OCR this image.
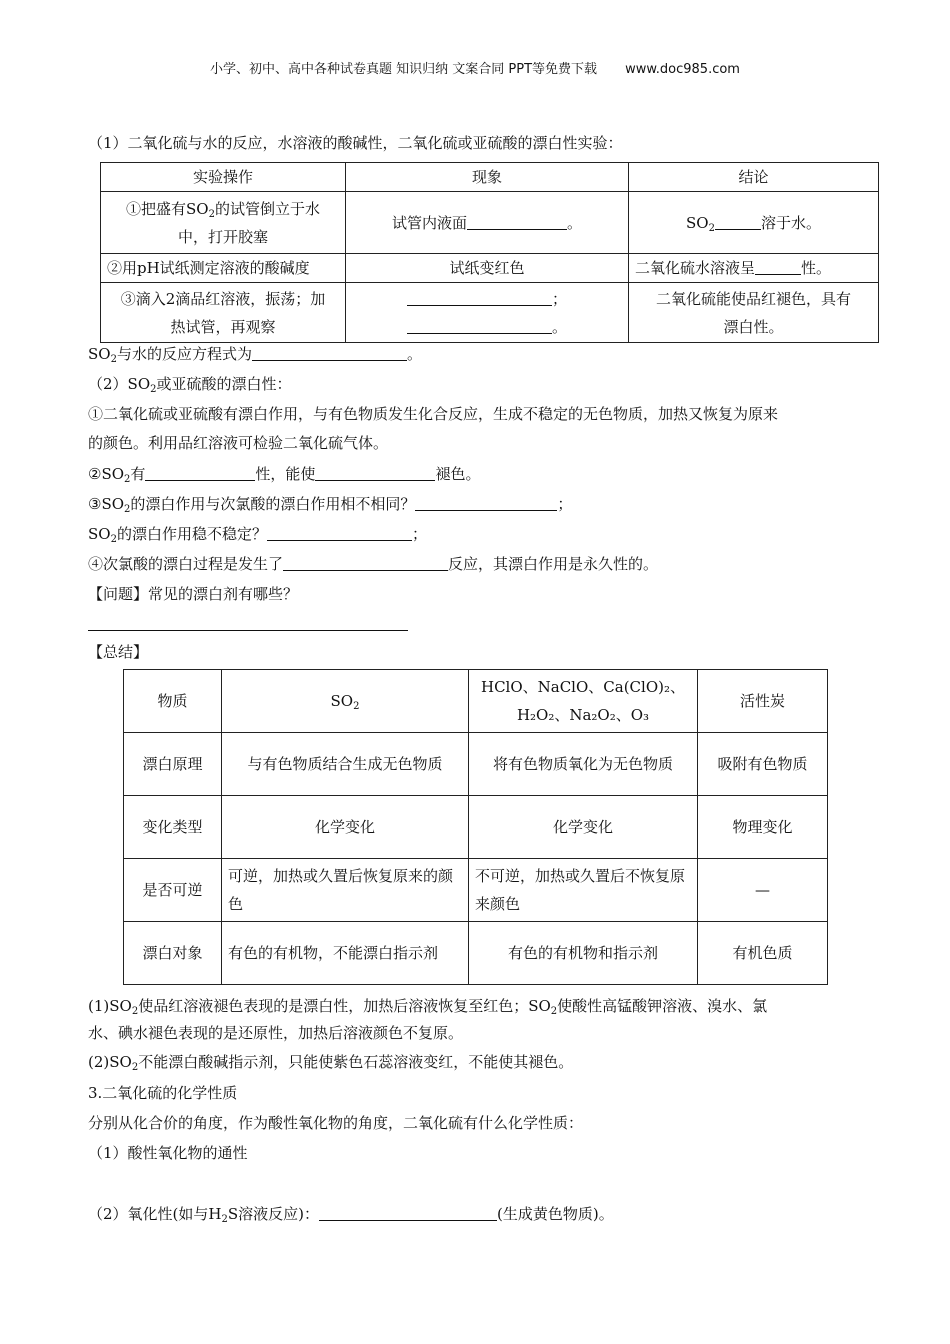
小学、初中、高中各种试卷真题 知识归纳 文案合同 PPT等免费下载 www.doc985.com
（1）二氧化硫与水的反应，水溶液的酸碱性，二氧化硫或亚硫酸的漂白性实验：
实验操作	现象	结论
①把盛有$SO_2$的试管倒立于水
中，打开胶塞	试管内液面 。	$SO_2$ 溶于水。
②用pH试纸测定溶液的酸碱度	试纸变红色	二氧化硫水溶液呈 性。
③滴入2滴品红溶液，振荡；加
热试管，再观察	；
。	二氧化硫能使品红褪色，具有
漂白性。
$SO_2$与水的反应方程式为	。
$(2)SO_2$或亚硫酸的漂白性：
①二氧化硫或亚硫酸有漂白作用，与有色物质发生化合反应，生成不稳定的无色物质，加热又恢复为原来
的颜色。利用品红溶液可检验二氧化硫气体。
$②SO_2$有	性，能使	褪色。
$③SO_2$的漂白作用与次氯酸的漂白作用相不相同？	；
$SO_2$的漂白作用稳不稳定？	；
④次氯酸的漂白过程是发生了	反应，其漂白作用是永久性的。
【问题】常见的漂白剂有哪些？
【总结】
物质	$SO_2$	HClO、NaClO、Ca(ClO)₂、H₂O₂、Na₂O₂、O₃	活性炭
漂白原理	与有色物质结合生成无色物质	将有色物质氧化为无色物质	吸附有色物质
变化类型	化学变化	化学变化	物理变化
是否可逆	可逆，加热或久置后恢复原来的颜色	不可逆，加热或久置后不恢复原来颜色	—
漂白对象	有色的有机物，不能漂白指示剂	有色的有机物和指示剂	有机色质
$(1)SO_2$使品红溶液褪色表现的是漂白性，加热后溶液恢复至红色；$SO_2$使酸性高锰酸钾溶液、溴水、氯
水、碘水褪色表现的是还原性，加热后溶液颜色不复原。
$(2)SO_2$不能漂白酸碱指示剂，只能使紫色石蕊溶液变红，不能使其褪色。
3.二氧化硫的化学性质
分别从化合价的角度，作为酸性氧化物的角度，二氧化硫有什么化学性质：
（1）酸性氧化物的通性
（2）氧化性(如与$H_2S$溶液反应)：	(生成黄色物质)。
